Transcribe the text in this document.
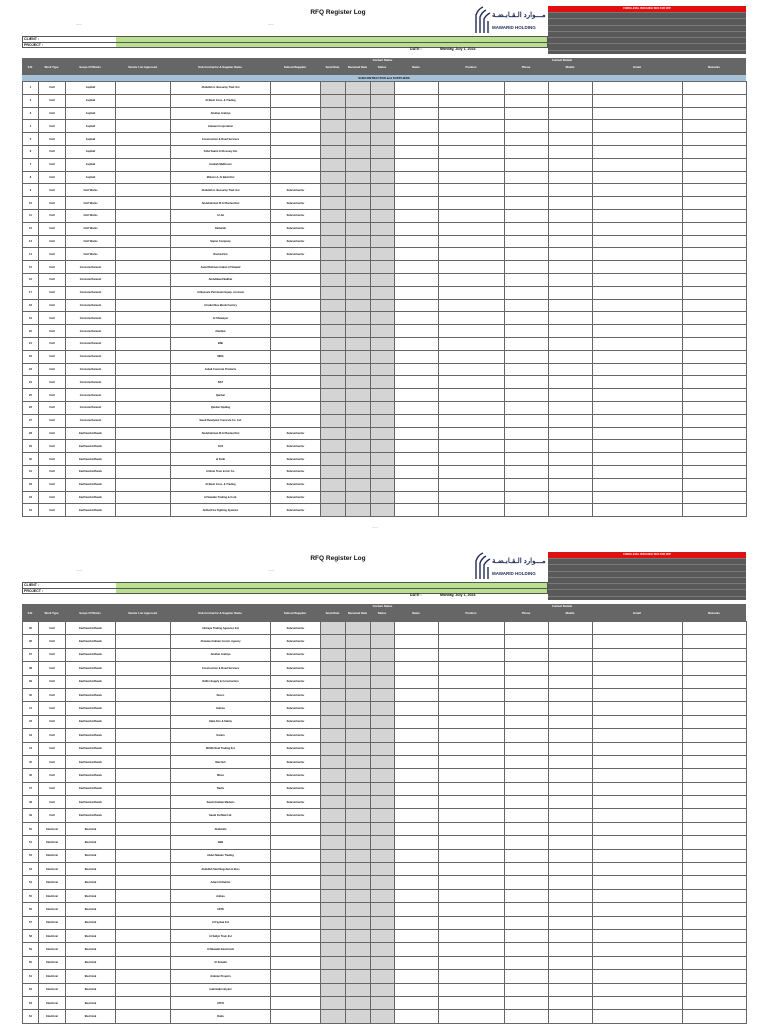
RFQ Register Log
——	——
مـــوارد الـقـابـضـة
MAWARID HOLDING
FORM-LEVEL ISSUANCE BOX FOR RFP
CLIENT :
PROJECT :
DATE :	Monday, July 1, 2024
Contact Status	Contact Details
S.N	Work Type	Scope Of Works	Vendor List Approved	Sub-Contractor & Supplier Name	Subcon/Supplier	Send Date	Received Date	Status	Name	Position	Phone	Mobile	Email	Remarks
SUBCONTRACTOR and SUPPLIERS
1	Civil	Asphalt		Abdullah A. Bessamy Trad. Est										
2	Civil	Asphalt		Al Basti Cons. & Trading										
3	Civil	Asphalt		Alrahan Arabiya										
4	Civil	Asphalt		Jamaan Corporation										
5	Civil	Asphalt		Construction & Road Services										
6	Civil	Asphalt		Fahd Salem Al Dossary Est										
7	Civil	Asphalt		Hazbah Malhtoom										
8	Civil	Asphalt		Mohsin A. Al Badri Est										
9	Civil	Civil Works		Abdullah A. Bessamy Trad. Est	Subcontractor									
10	Civil	Civil Works		Abdulrahman M Al Rashed Est	Subcontractor									
11	Civil	Civil Works		Al Jel	Subcontractor									
12	Civil	Civil Works		Kattanah	Subcontractor									
13	Civil	Civil Works		Sajran Company	Subcontractor									
14	Civil	Civil Works		Rashed Est	Subcontractor									
15	Civil	Concrete/Cement		Awad Rahman Arafan Al Shawaf										
16	Civil	Concrete/Cement		Abdullateef Bakhar										
17	Civil	Concrete/Cement		Al Bassam Petroleum Equip. concrete										
18	Civil	Concrete/Cement		Al-takat Nas Block Factory										
19	Civil	Concrete/Cement		Al Shawayer										
20	Civil	Concrete/Cement		Alambar										
21	Civil	Concrete/Cement		BSE										
22	Civil	Concrete/Cement		MMA										
23	Civil	Concrete/Cement		Jubail Concrete Products										
24	Civil	Concrete/Cement		NST										
25	Civil	Concrete/Cement		Qanbar										
26	Civil	Concrete/Cement		Qanbar Opalleg										
27	Civil	Concrete/Cement		Saudi Readymix Concrete Co. Ltd.										
28	Civil	Earthworks/Roads		Abdulrahman M Al Rashed Est	Subcontractor									
29	Civil	Earthworks/Roads		ACS	Subcontractor									
30	Civil	Earthworks/Roads		al Farki	Subcontractor									
31	Civil	Earthworks/Roads		Al Bran Trad. & Ind. Co.	Subcontractor									
32	Civil	Earthworks/Roads		Al Basti Cons. & Trading	Subcontractor									
33	Civil	Earthworks/Roads		Al Sawabe Trading & Cont.	Subcontractor									
34	Civil	Earthworks/Roads		Aldhal Fire Fighting Systems	Subcontractor									
——
RFQ Register Log
——	——
مـــوارد الـقـابـضـة
MAWARID HOLDING
FORM-LEVEL ISSUANCE BOX FOR RFP
CLIENT :
PROJECT :
DATE :	Monday, July 1, 2024
Contact Status	Contact Details
S.N	Work Type	Scope Of Works	Vendor List Approved	Sub-Contractor & Supplier Name	Subcon/Supplier	Send Date	Received Date	Status	Name	Position	Phone	Mobile	Email	Remarks
35	Civil	Earthworks/Roads		Alohaya Trading Agencies Est	Subcontractor									
36	Civil	Earthworks/Roads		Almama Arabian Constr. Agency	Subcontractor									
37	Civil	Earthworks/Roads		Alrahan Arabiya	Subcontractor									
38	Civil	Earthworks/Roads		Construction & Road Services	Subcontractor									
39	Civil	Earthworks/Roads		Daffer Supply & Construction	Subcontractor									
40	Civil	Earthworks/Roads		Descs	Subcontractor									
41	Civil	Earthworks/Roads		Gatnas	Subcontractor									
42	Civil	Earthworks/Roads		Haba Fire & Safety	Subcontractor									
43	Civil	Earthworks/Roads		Karam	Subcontractor									
44	Civil	Earthworks/Roads		Mihfib Real Trading Est	Subcontractor									
45	Civil	Earthworks/Roads		Mas'ileh	Subcontractor									
46	Civil	Earthworks/Roads		Mirex	Subcontractor									
47	Civil	Earthworks/Roads		Nadis	Subcontractor									
48	Civil	Earthworks/Roads		Saudi Arabian Markets	Subcontractor									
49	Civil	Earthworks/Roads		Saudi Fal Mad Ltd.	Subcontractor									
50	Electrical	Electrical		Abdulrafe										
51	Electrical	Electrical		ABB										
52	Electrical	Electrical		Abdel Nataan Trading										
53	Electrical	Electrical		Abdullah Said Bugshan & Bros										
54	Electrical	Electrical		Adael Al Elektsz										
55	Electrical	Electrical		Admas										
56	Electrical	Electrical		AKTE										
57	Electrical	Electrical		Al Fayhaa Est										
58	Electrical	Electrical		Al Sallyn Trad. Est										
59	Electrical	Electrical		Al Muwaiki Electricals										
60	Electrical	Electrical		Al Suwaiti										
61	Electrical	Electrical		Arabian Projects										
62	Electrical	Electrical		lualrmakul ahyani										
63	Electrical	Electrical		ATCO										
64	Electrical	Electrical		Datta										
